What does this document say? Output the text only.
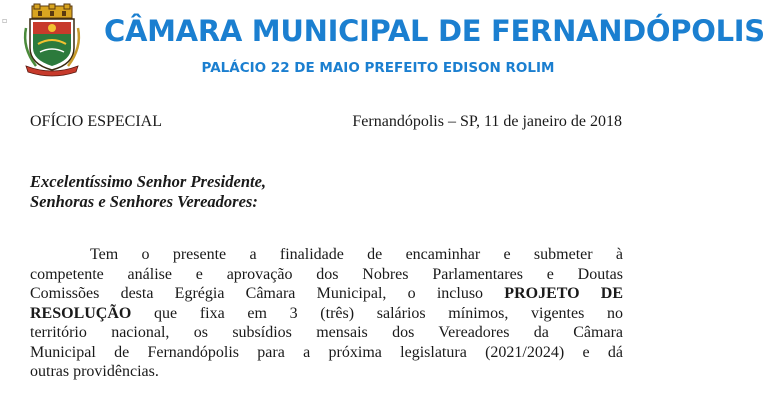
▫	CÂMARA MUNICIPAL DE FERNANDÓPOLIS
PALÁCIO 22 DE MAIO PREFEITO EDISON ROLIM
OFÍCIO ESPECIAL	Fernandópolis – SP, 11 de janeiro de 2018
Excelentíssimo Senhor Presidente,
Senhoras e Senhores Vereadores:
Tem o presente a finalidade de encaminhar e submeter à
competente análise e aprovação dos Nobres Parlamentares e Doutas
Comissões desta Egrégia Câmara Municipal, o incluso PROJETO DE
RESOLUÇÃO que fixa em 3 (três) salários mínimos, vigentes no
território nacional, os subsídios mensais dos Vereadores da Câmara
Municipal de Fernandópolis para a próxima legislatura (2021/2024) e dá
outras providências.
